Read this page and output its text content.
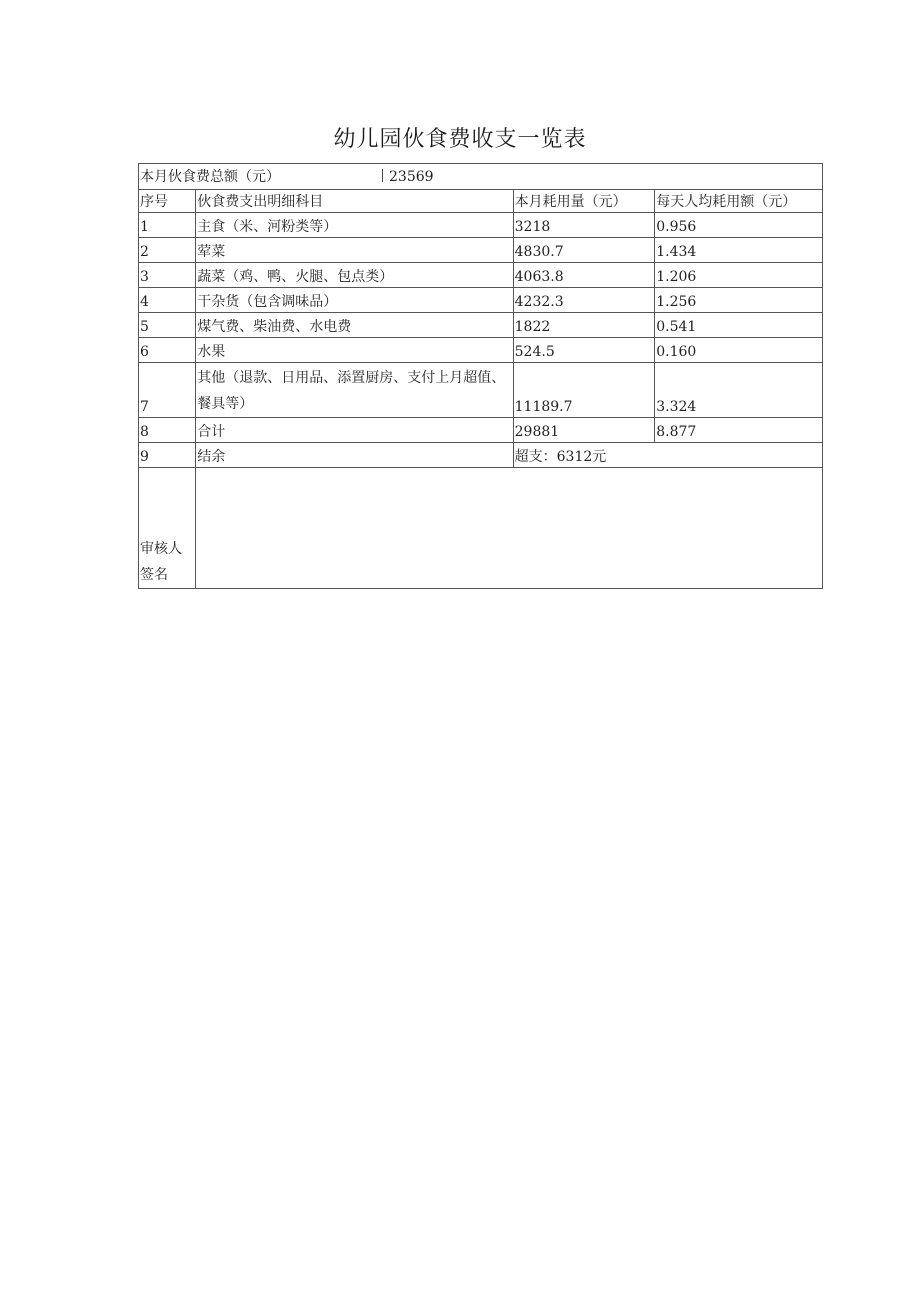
幼儿园伙食费收支一览表
本月伙食费总额（元） 23569			

序号	伙食费支出明细科目	本月耗用量（元）	每天人均耗用额（元）
1	主食（米、河粉类等）	3218	0.956
2	荤菜	4830.7	1.434
3	蔬菜（鸡、鸭、火腿、包点类）	4063.8	1.206
4	干杂货（包含调味品）	4232.3	1.256
5	煤气费、柴油费、水电费	1822	0.541
6	水果	524.5	0.160
7	其他（退款、日用品、添置厨房、支付上月超值、餐具等）	11189.7	3.324
8	合计	29881	8.877
9	结余	超支：6312元	

审核人签名			
